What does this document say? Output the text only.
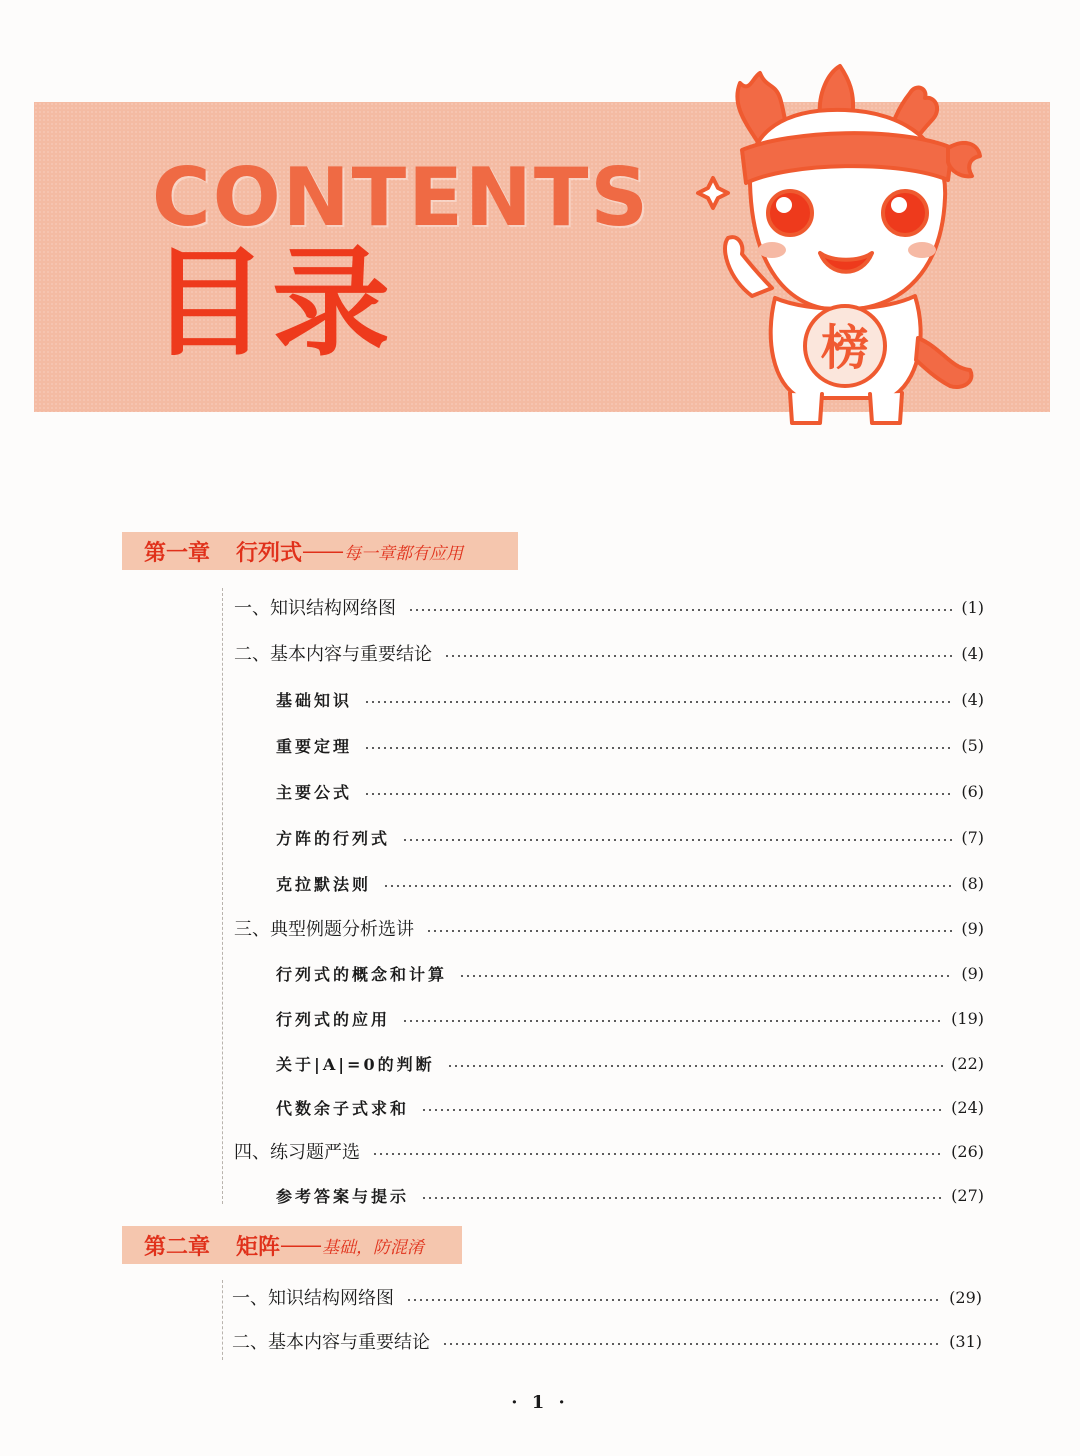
CONTENTS
目录	榜
第一章 行列式 —— 每一章都有应用
一、知识结构网络图	(1)
二、基本内容与重要结论	(4)
基础知识	(4)
重要定理	(5)
主要公式	(6)
方阵的行列式	(7)
克拉默法则	(8)
三、典型例题分析选讲	(9)
行列式的概念和计算	(9)
行列式的应用	(19)
关于|A|=0的判断	(22)
代数余子式求和	(24)
四、练习题严选	(26)
参考答案与提示	(27)
第二章 矩阵 —— 基础，防混淆
一、知识结构网络图	(29)
二、基本内容与重要结论	(31)
· 1 ·
